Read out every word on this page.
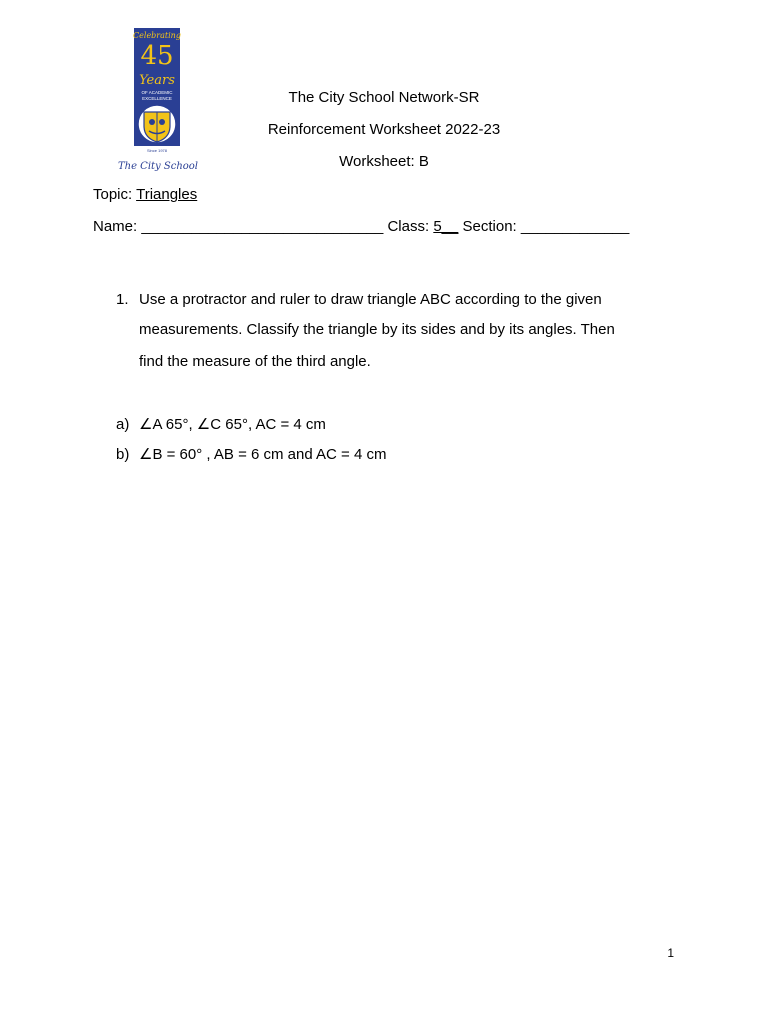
Celebrating
45
Years
OF ACADEMIC
EXCELLENCE
Since 1978
The City School
The City School Network-SR
Reinforcement Worksheet 2022-23
Worksheet: B
Topic: Triangles
Name: _____________________________ Class: 5__ Section: _____________
1. Use a protractor and ruler to draw triangle ABC according to the given
measurements. Classify the triangle by its sides and by its angles. Then
find the measure of the third angle.
a) ∠A 65°, ∠C 65°, AC = 4 cm
b) ∠B = 60° , AB = 6 cm and AC = 4 cm
1
